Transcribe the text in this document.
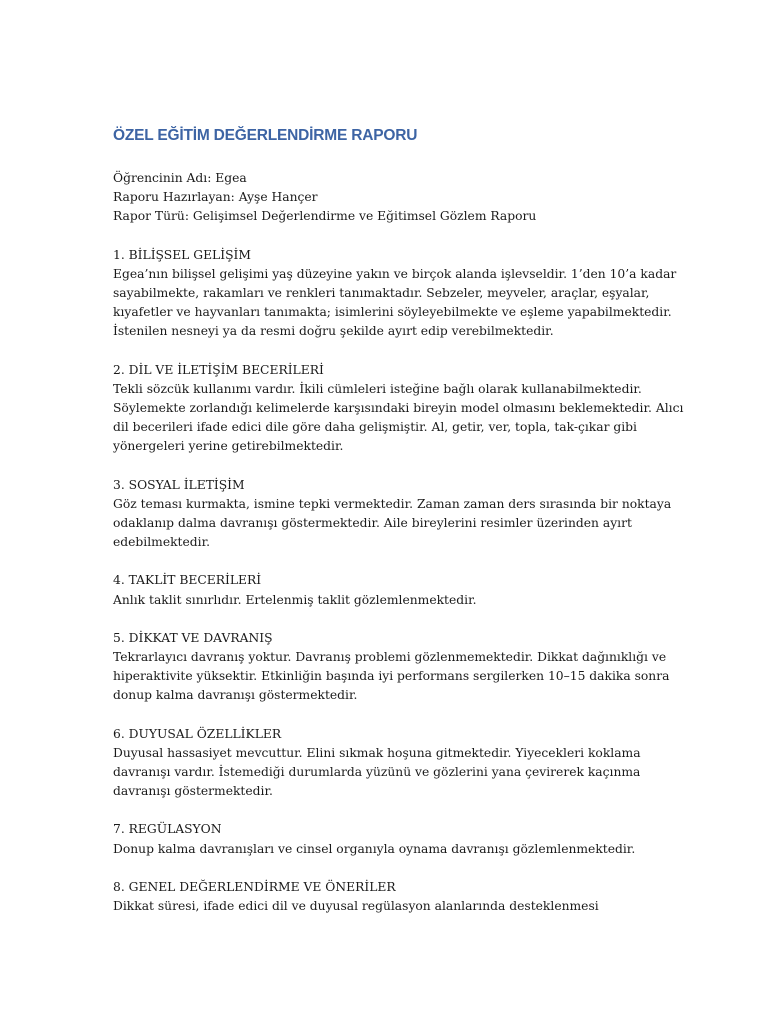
ÖZEL EĞİTİM DEĞERLENDİRME RAPORU

Öğrencinin Adı: Egea

Raporu Hazırlayan: Ayşe Hançer

Rapor Türü: Gelişimsel Değerlendirme ve Eğitimsel Gözlem Raporu

1. BİLİŞSEL GELİŞİM

Egea’nın bilişsel gelişimi yaş düzeyine yakın ve birçok alanda işlevseldir. 1’den 10’a kadar
sayabilmekte, rakamları ve renkleri tanımaktadır. Sebzeler, meyveler, araçlar, eşyalar,
kıyafetler ve hayvanları tanımakta; isimlerini söyleyebilmekte ve eşleme yapabilmektedir.
İstenilen nesneyi ya da resmi doğru şekilde ayırt edip verebilmektedir.

2. DİL VE İLETİŞİM BECERİLERİ

Tekli sözcük kullanımı vardır. İkili cümleleri isteğine bağlı olarak kullanabilmektedir.
Söylemekte zorlandığı kelimelerde karşısındaki bireyin model olmasını beklemektedir. Alıcı
dil becerileri ifade edici dile göre daha gelişmiştir. Al, getir, ver, topla, tak-çıkar gibi
yönergeleri yerine getirebilmektedir.

3. SOSYAL İLETİŞİM

Göz teması kurmakta, ismine tepki vermektedir. Zaman zaman ders sırasında bir noktaya
odaklanıp dalma davranışı göstermektedir. Aile bireylerini resimler üzerinden ayırt
edebilmektedir.

4. TAKLİT BECERİLERİ

Anlık taklit sınırlıdır. Ertelenmiş taklit gözlemlenmektedir.

5. DİKKAT VE DAVRANIŞ

Tekrarlayıcı davranış yoktur. Davranış problemi gözlenmemektedir. Dikkat dağınıklığı ve
hiperaktivite yüksektir. Etkinliğin başında iyi performans sergilerken 10–15 dakika sonra
donup kalma davranışı göstermektedir.

6. DUYUSAL ÖZELLİKLER

Duyusal hassasiyet mevcuttur. Elini sıkmak hoşuna gitmektedir. Yiyecekleri koklama
davranışı vardır. İstemediği durumlarda yüzünü ve gözlerini yana çevirerek kaçınma
davranışı göstermektedir.

7. REGÜLASYON

Donup kalma davranışları ve cinsel organıyla oynama davranışı gözlemlenmektedir.

8. GENEL DEĞERLENDİRME VE ÖNERİLER

Dikkat süresi, ifade edici dil ve duyusal regülasyon alanlarında desteklenmesi
